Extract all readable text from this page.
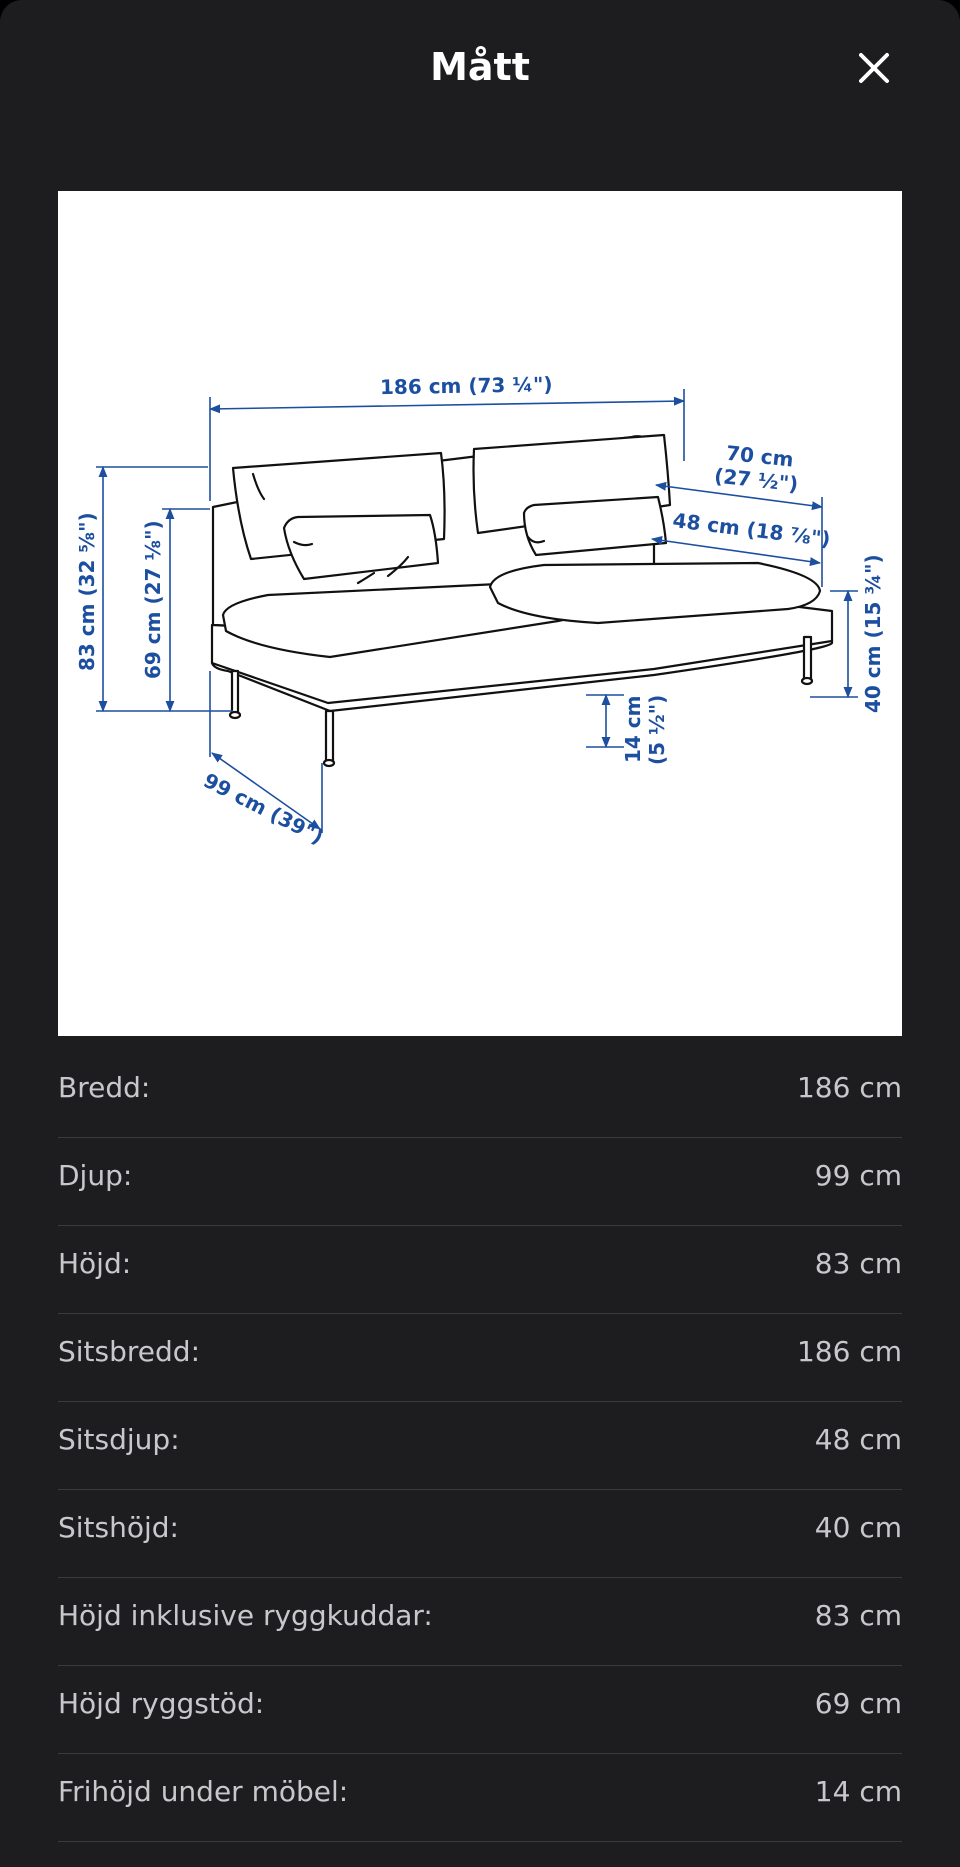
Mått
186 cm (73 ¼")
70 cm
(27 ½")
48 cm (18 ⅞")
83 cm (32 ⅝") 69 cm (27 ⅛")	40 cm (15 ¾")
14 cm (5 ½")
99 cm (39")
Bredd:	186 cm
Djup:	99 cm
Höjd:	83 cm
Sitsbredd:	186 cm
Sitsdjup:	48 cm
Sitshöjd:	40 cm
Höjd inklusive ryggkuddar:	83 cm
Höjd ryggstöd:	69 cm
Frihöjd under möbel:	14 cm
